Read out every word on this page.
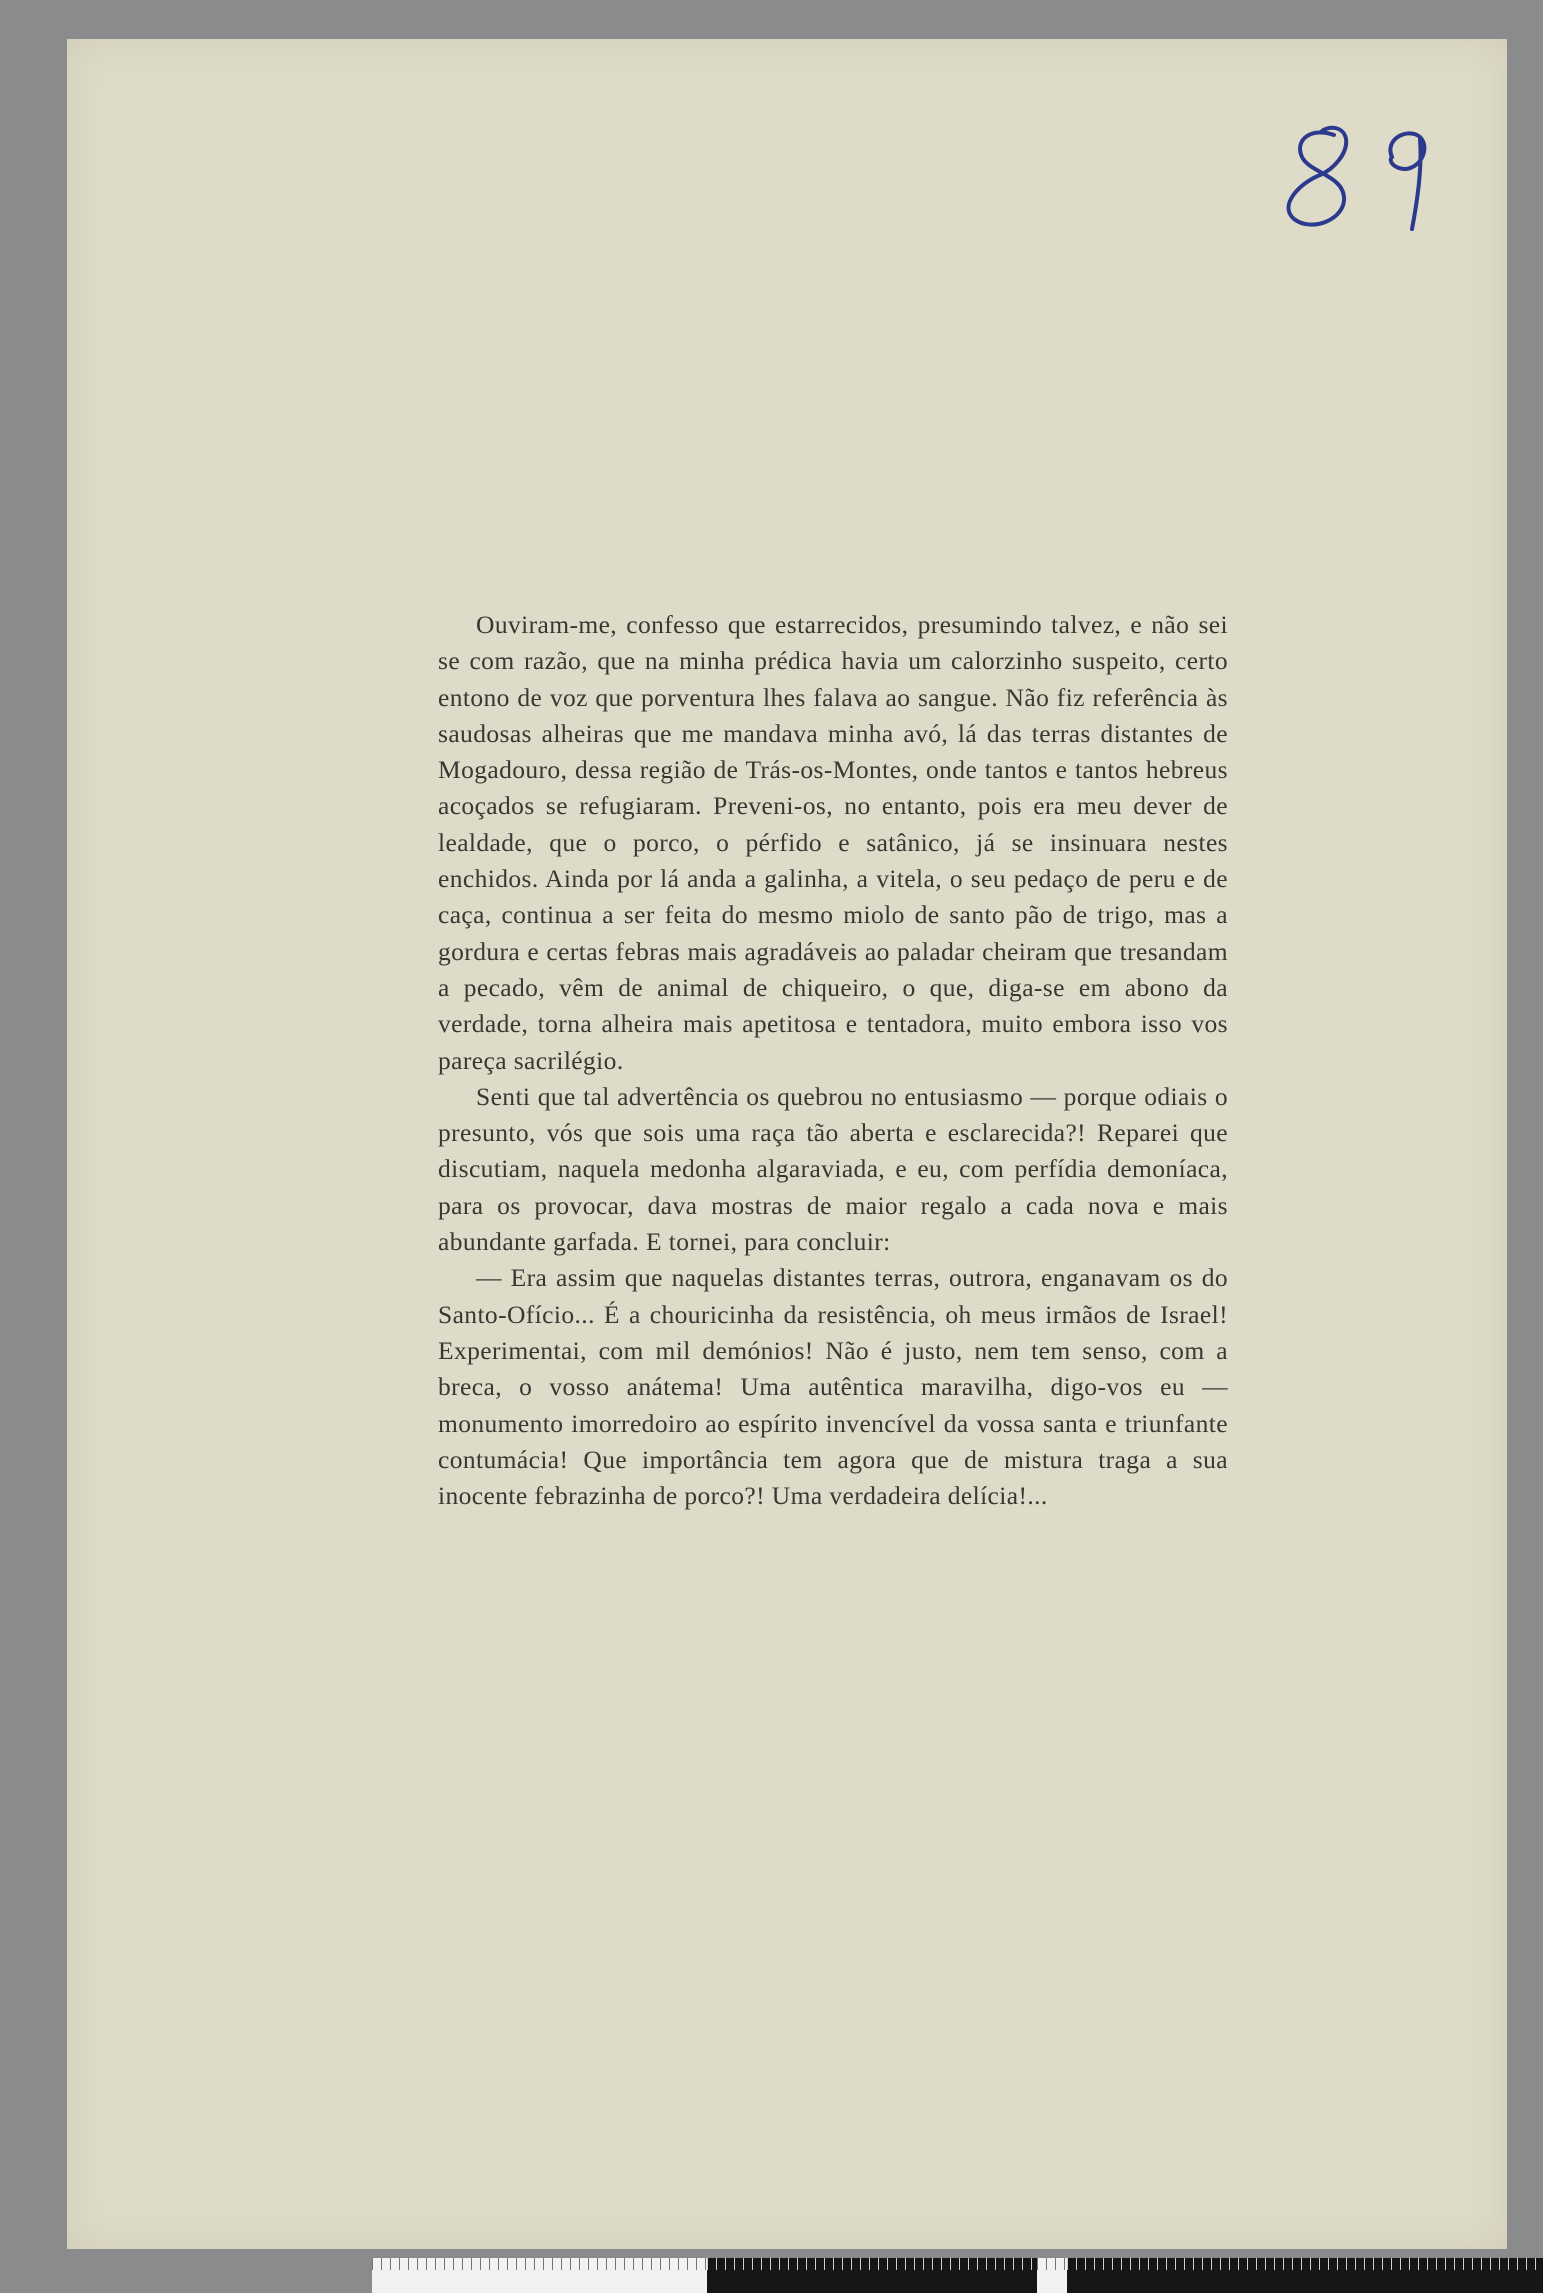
Ouviram-me, confesso que estarrecidos, presumindo talvez, e não sei se com razão, que na minha prédica havia um calorzinho suspeito, certo entono de voz que porventura lhes falava ao sangue. Não fiz referência às saudosas alheiras que me mandava minha avó, lá das terras distantes de Mogadouro, dessa região de Trás-os-Montes, onde tantos e tantos hebreus acoçados se refugiaram. Preveni-os, no entanto, pois era meu dever de lealdade, que o porco, o pérfido e satânico, já se insinuara nestes enchidos. Ainda por lá anda a galinha, a vitela, o seu pedaço de peru e de caça, continua a ser feita do mesmo miolo de santo pão de trigo, mas a gordura e certas febras mais agradáveis ao paladar cheiram que tresandam a pecado, vêm de animal de chiqueiro, o que, diga-se em abono da verdade, torna alheira mais apetitosa e tentadora, muito embora isso vos pareça sacrilégio.

Senti que tal advertência os quebrou no entusiasmo — porque odiais o presunto, vós que sois uma raça tão aberta e esclarecida?! Reparei que discutiam, naquela medonha algaraviada, e eu, com perfídia demoníaca, para os provocar, dava mostras de maior regalo a cada nova e mais abundante garfada. E tornei, para concluir:

— Era assim que naquelas distantes terras, outrora, enganavam os do Santo-Ofício... É a chouricinha da resistência, oh meus irmãos de Israel! Experimentai, com mil demónios! Não é justo, nem tem senso, com a breca, o vosso anátema! Uma autêntica maravilha, digo-vos eu — monumento imorredoiro ao espírito invencível da vossa santa e triunfante contumácia! Que importância tem agora que de mistura traga a sua inocente febrazinha de porco?! Uma verdadeira delícia!...
